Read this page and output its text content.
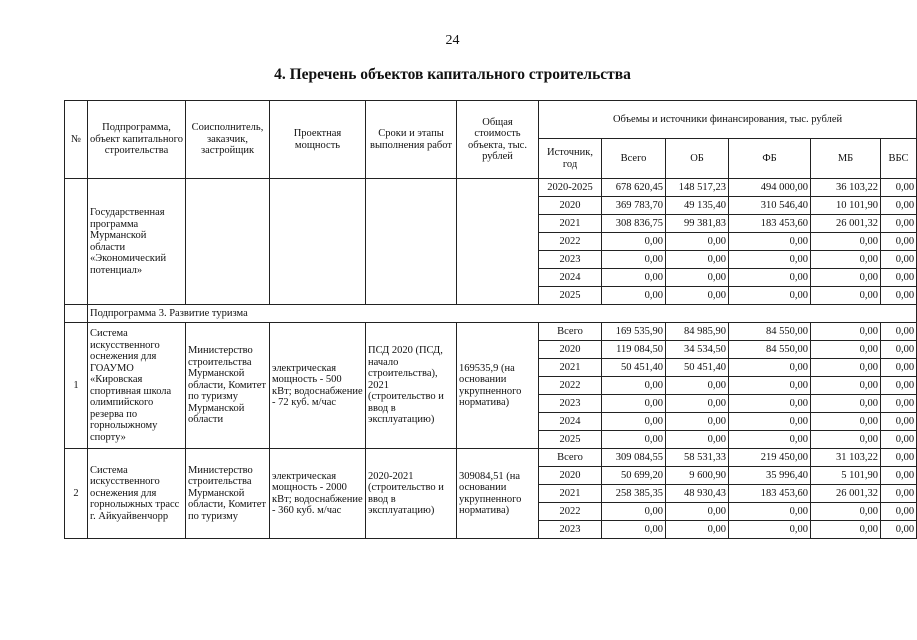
24
4. Перечень объектов капитального строительства
№	Подпрограмма, объект капитального строительства	Соисполнитель, заказчик, застройщик	Проектная мощность	Сроки и этапы выполнения работ	Общая стоимость объекта, тыс. рублей	Объемы и источники финансирования, тыс. рублей					
						Источник, год	Всего	ОБ	ФБ	МБ	ВБС
	Государственная программа Мурманской области «Экономический потенциал»					2020-2025	678 620,45	148 517,23	494 000,00	36 103,22	0,00
						2020	369 783,70	49 135,40	310 546,40	10 101,90	0,00
						2021	308 836,75	99 381,83	183 453,60	26 001,32	0,00
						2022	0,00	0,00	0,00	0,00	0,00
						2023	0,00	0,00	0,00	0,00	0,00
						2024	0,00	0,00	0,00	0,00	0,00
						2025	0,00	0,00	0,00	0,00	0,00
	Подпрограмма 3. Развитие туризма										
1	Система искусственного оснежения для ГОАУМО «Кировская спортивная школа олимпийского резерва по горнолыжному спорту»	Министерство строительства Мурманской области, Комитет по туризму Мурманской области	электрическая мощность - 500 кВт; водоснабжение - 72 куб. м/час	ПСД 2020 (ПСД, начало строительства), 2021 (строительство и ввод в эксплуатацию)	169535,9 (на основании укрупненного норматива)	Всего	169 535,90	84 985,90	84 550,00	0,00	0,00
						2020	119 084,50	34 534,50	84 550,00	0,00	0,00
						2021	50 451,40	50 451,40	0,00	0,00	0,00
						2022	0,00	0,00	0,00	0,00	0,00
						2023	0,00	0,00	0,00	0,00	0,00
						2024	0,00	0,00	0,00	0,00	0,00
						2025	0,00	0,00	0,00	0,00	0,00
2	Система искусственного оснежения для горнолыжных трасс г. Айкуайвенчорр	Министерство строительства Мурманской области, Комитет по туризму	электрическая мощность - 2000 кВт; водоснабжение - 360 куб. м/час	2020-2021 (строительство и ввод в эксплуатацию)	309084,51 (на основании укрупненного норматива)	Всего	309 084,55	58 531,33	219 450,00	31 103,22	0,00
						2020	50 699,20	9 600,90	35 996,40	5 101,90	0,00
						2021	258 385,35	48 930,43	183 453,60	26 001,32	0,00
						2022	0,00	0,00	0,00	0,00	0,00
						2023	0,00	0,00	0,00	0,00	0,00
